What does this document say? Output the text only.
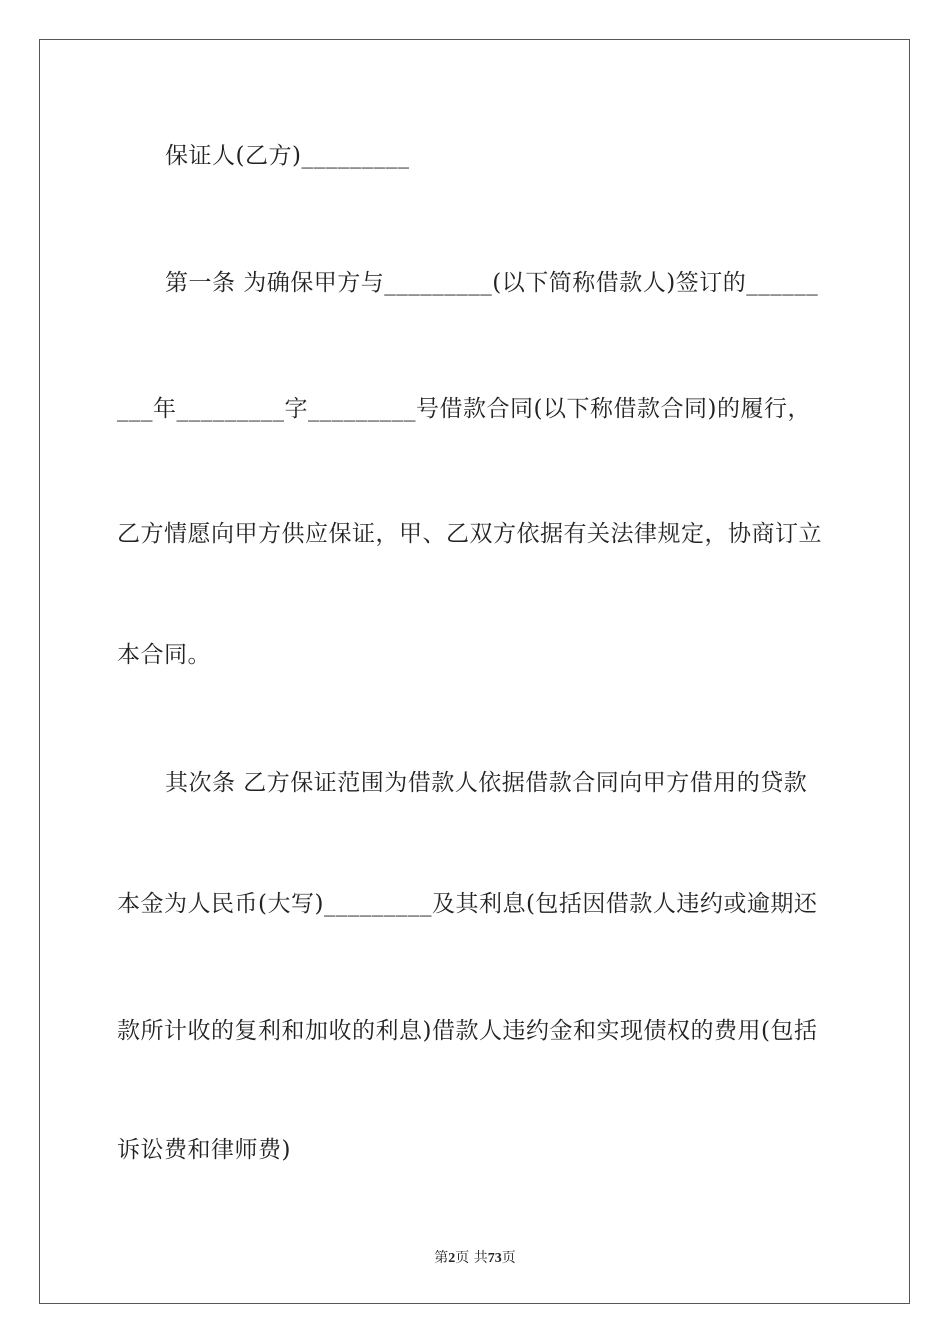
保证人(乙方)_________
第一条 为确保甲方与_________(以下简称借款人)签订的______
___年_________字_________号借款合同(以下称借款合同)的履行，
乙方情愿向甲方供应保证，甲、乙双方依据有关法律规定，协商订立
本合同。
其次条 乙方保证范围为借款人依据借款合同向甲方借用的贷款
本金为人民币(大写)_________及其利息(包括因借款人违约或逾期还
款所计收的复利和加收的利息)借款人违约金和实现债权的费用(包括
诉讼费和律师费)
第2页 共73页
